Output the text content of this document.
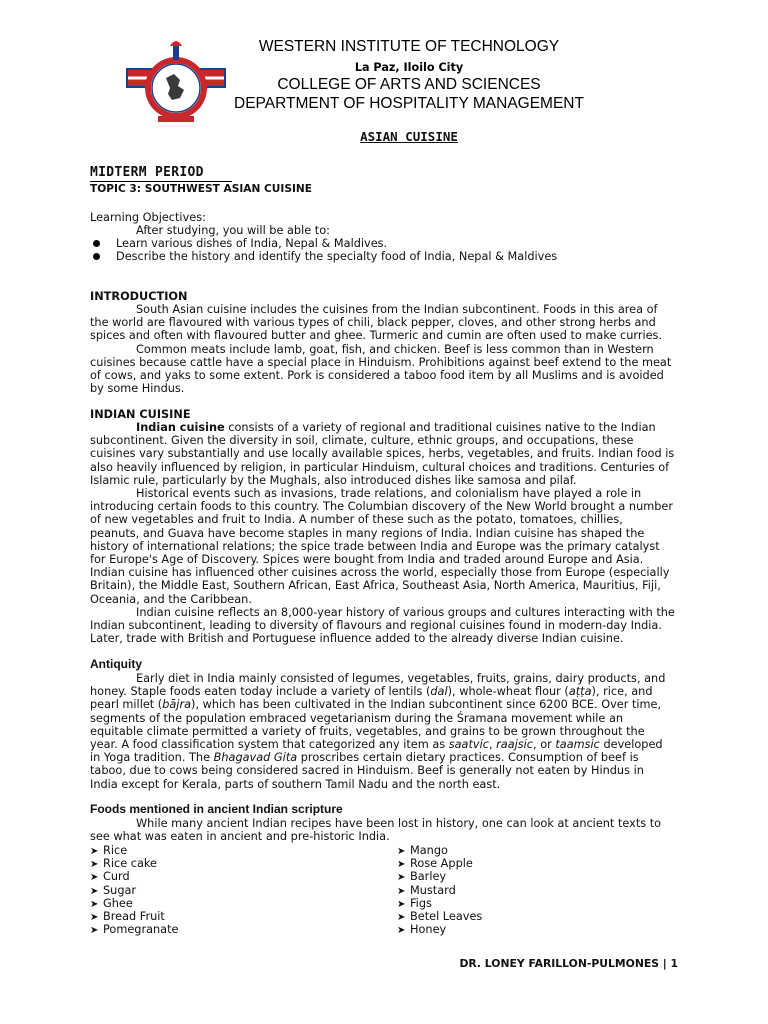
WESTERN INSTITUTE OF TECHNOLOGY
La Paz, Iloilo City
COLLEGE OF ARTS AND SCIENCES
DEPARTMENT OF HOSPITALITY MANAGEMENT
ASIAN CUISINE
MIDTERM PERIOD
TOPIC 3: SOUTHWEST ASIAN CUISINE
Learning Objectives:
After studying, you will be able to:
Learn various dishes of India, Nepal & Maldives.
Describe the history and identify the specialty food of India, Nepal & Maldives
INTRODUCTION

South Asian cuisine includes the cuisines from the Indian subcontinent. Foods in this area of the world are flavoured with various types of chili, black pepper, cloves, and other strong herbs and spices and often with flavoured butter and ghee. Turmeric and cumin are often used to make curries.

Common meats include lamb, goat, fish, and chicken. Beef is less common than in Western cuisines because cattle have a special place in Hinduism. Prohibitions against beef extend to the meat of cows, and yaks to some extent. Pork is considered a taboo food item by all Muslims and is avoided by some Hindus.

INDIAN CUISINE

Indian cuisine consists of a variety of regional and traditional cuisines native to the Indian subcontinent. Given the diversity in soil, climate, culture, ethnic groups, and occupations, these cuisines vary substantially and use locally available spices, herbs, vegetables, and fruits. Indian food is also heavily influenced by religion, in particular Hinduism, cultural choices and traditions. Centuries of Islamic rule, particularly by the Mughals, also introduced dishes like samosa and pilaf.

Historical events such as invasions, trade relations, and colonialism have played a role in introducing certain foods to this country. The Columbian discovery of the New World brought a number of new vegetables and fruit to India. A number of these such as the potato, tomatoes, chillies, peanuts, and Guava have become staples in many regions of India. Indian cuisine has shaped the history of international relations; the spice trade between India and Europe was the primary catalyst for Europe's Age of Discovery. Spices were bought from India and traded around Europe and Asia. Indian cuisine has influenced other cuisines across the world, especially those from Europe (especially Britain), the Middle East, Southern African, East Africa, Southeast Asia, North America, Mauritius, Fiji, Oceania, and the Caribbean.

Indian cuisine reflects an 8,000-year history of various groups and cultures interacting with the Indian subcontinent, leading to diversity of flavours and regional cuisines found in modern-day India. Later, trade with British and Portuguese influence added to the already diverse Indian cuisine.

Antiquity

Early diet in India mainly consisted of legumes, vegetables, fruits, grains, dairy products, and honey. Staple foods eaten today include a variety of lentils (dal), whole-wheat flour (aṭṭa), rice, and pearl millet (bājra), which has been cultivated in the Indian subcontinent since 6200 BCE. Over time, segments of the population embraced vegetarianism during the Śramana movement while an equitable climate permitted a variety of fruits, vegetables, and grains to be grown throughout the year. A food classification system that categorized any item as saatvic, raajsic, or taamsic developed in Yoga tradition. The Bhagavad Gita proscribes certain dietary practices. Consumption of beef is taboo, due to cows being considered sacred in Hinduism. Beef is generally not eaten by Hindus in India except for Kerala, parts of southern Tamil Nadu and the north east.

Foods mentioned in ancient Indian scripture

While many ancient Indian recipes have been lost in history, one can look at ancient texts to see what was eaten in ancient and pre-historic India.

➤ Rice
➤ Rice cake
➤ Curd
➤ Sugar
➤ Ghee
➤ Bread Fruit
➤ Pomegranate
➤ Mango
➤ Rose Apple
➤ Barley
➤ Mustard
➤ Figs
➤ Betel Leaves
➤ Honey
DR. LONEY FARILLON-PULMONES | 1
